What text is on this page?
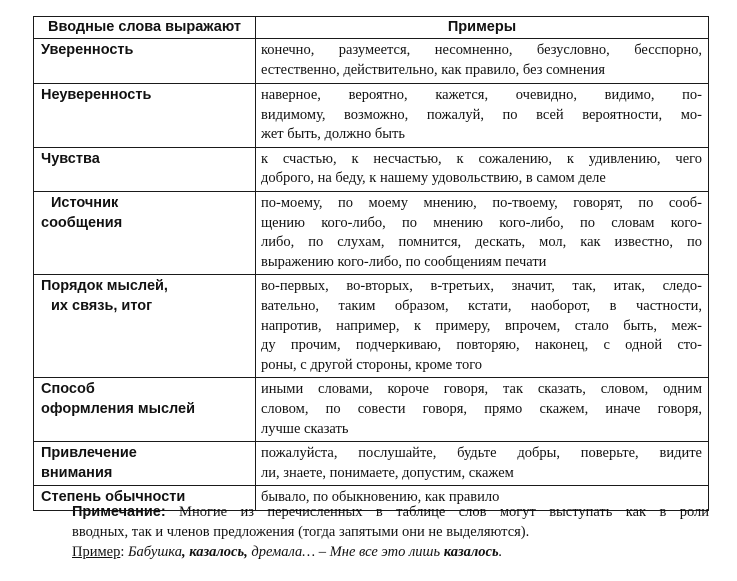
Вводные слова выражают	Примеры

Уверенность	конечно, разумеется, несомненно, безусловно, бесспорно,
естественно, действительно, как правило, без сомнения

Неуверенность	наверное, вероятно, кажется, очевидно, видимо, по-
видимому, возможно, пожалуй, по всей вероятности, мо-
жет быть, должно быть

Чувства	к счастью, к несчастью, к сожалению, к удивлению, чего
доброго, на беду, к нашему удовольствию, в самом деле

Источник
сообщения	по-моему, по моему мнению, по-твоему, говорят, по сооб-
щению кого-либо, по мнению кого-либо, по словам кого-
либо, по слухам, помнится, дескать, мол, как известно, по
выражению кого-либо, по сообщениям печати

Порядок мыслей,
их связь, итог	во-первых, во-вторых, в-третьих, значит, так, итак, следо-
вательно, таким образом, кстати, наоборот, в частности,
напротив, например, к примеру, впрочем, стало быть, меж-
ду прочим, подчеркиваю, повторяю, наконец, с одной сто-
роны, с другой стороны, кроме того

Способ
оформления мыслей	иными словами, короче говоря, так сказать, словом, одним
словом, по совести говоря, прямо скажем, иначе говоря,
лучше сказать

Привлечение
внимания	пожалуйста, послушайте, будьте добры, поверьте, видите
ли, знаете, понимаете, допустим, скажем

Степень обычности	бывало, по обыкновению, как правило
Примечание: Многие из перечисленных в таблице слов могут выступать как в роли
вводных, так и членов предложения (тогда запятыми они не выделяются).
Пример: Бабушка, казалось, дремала… – Мне все это лишь казалось.
